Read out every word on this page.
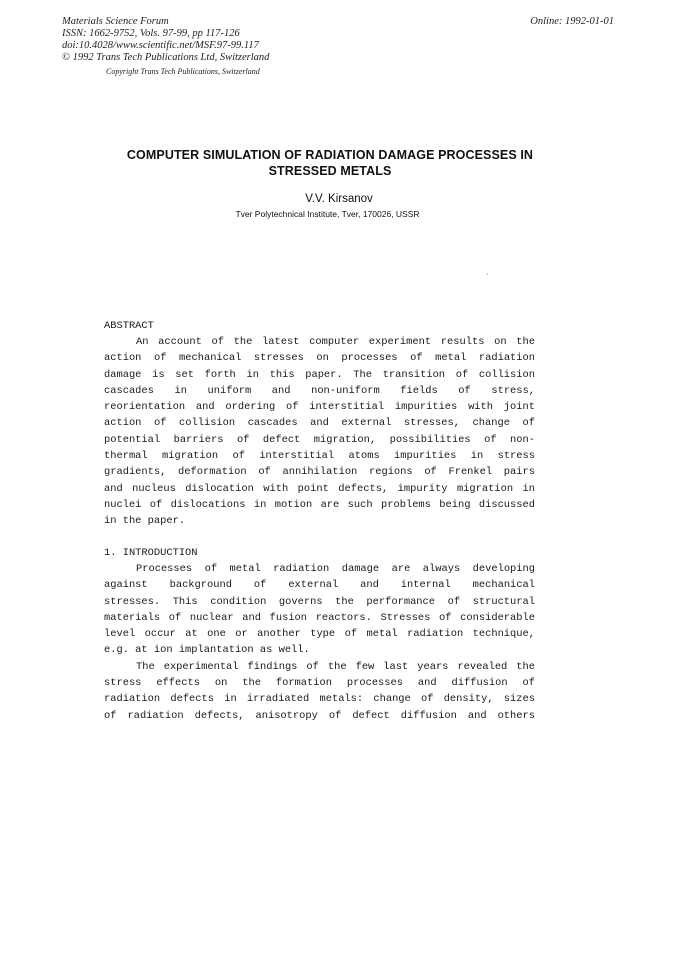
Materials Science Forum
ISSN: 1662-9752, Vols. 97-99, pp 117-126
doi:10.4028/www.scientific.net/MSF.97-99.117
© 1992 Trans Tech Publications Ltd, Switzerland
Online: 1992-01-01
Copyright Trans Tech Publications, Switzerland
COMPUTER SIMULATION OF RADIATION DAMAGE PROCESSES IN
STRESSED METALS
V.V. Kirsanov
Tver Polytechnical Institute, Tver, 170026, USSR
·
ABSTRACT
An account of the latest computer experiment results on the
action of mechanical stresses on processes of metal radiation
damage is set forth in this paper. The transition of collision
cascades in uniform and non-uniform fields of stress,
reorientation and ordering of interstitial impurities with joint
action of collision cascades and external stresses, change of
potential barriers of defect migration, possibilities of non-
thermal migration of interstitial atoms impurities in stress
gradients, deformation of annihilation regions of Frenkel pairs
and nucleus dislocation with point defects, impurity migration in
nuclei of dislocations in motion are such problems being discussed
in the paper.
1. INTRODUCTION
Processes of metal radiation damage are always developing
against background of external and internal mechanical
stresses. This condition governs the performance of structural
materials of nuclear and fusion reactors. Stresses of considerable
level occur at one or another type of metal radiation technique,
e.g. at ion implantation as well.
The experimental findings of the few last years revealed the
stress effects on the formation processes and diffusion of
radiation defects in irradiated metals: change of density, sizes
of radiation defects, anisotropy of defect diffusion and others
